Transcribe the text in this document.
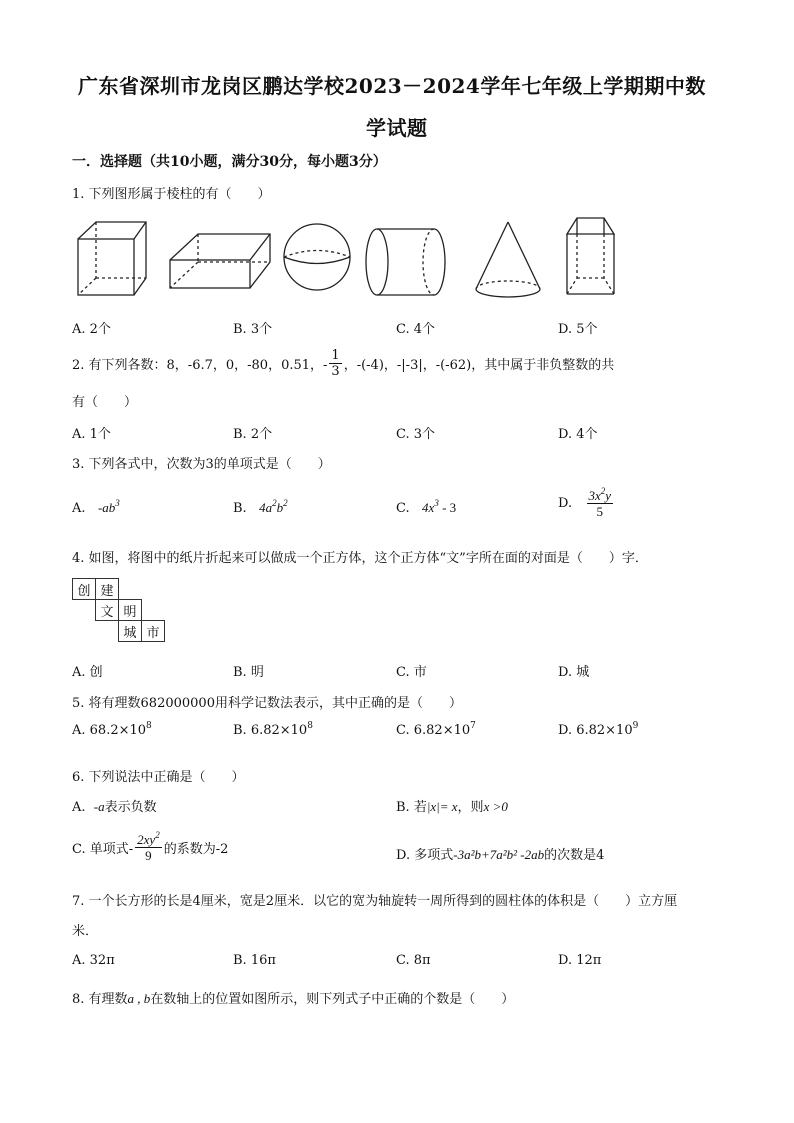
广东省深圳市龙岗区鹏达学校2023－2024学年七年级上学期期中数
学试题
一．选择题（共10小题，满分30分，每小题3分）
1. 下列图形属于棱柱的有（　　）
A. 2个	B. 3个	C. 4个	D. 5个
2. 有下列各数：8，-6.7，0，-80，0.51，- $\frac{1}{3}$ ，-(-4)，-|-3|，-(-62)，其中属于非负整数的共
有（　　）
A. 1个	B. 2个	C. 3个	D. 4个
3. 下列各式中，次数为3的单项式是（　　）
A. $-ab^3$	B. $4a^2b^2$	C. $4x^3 - 3$	D.
$\frac{3x^2y}{5}$
4. 如图，将图中的纸片折起来可以做成一个正方体，这个正方体“文”字所在面的对面是（　　）字．
创	建		
	文	明	
		城	市
A. 创	B. 明	C. 市	D. 城
5. 将有理数682000000用科学记数法表示，其中正确的是（　　）
A. $68.2\times 10^8$	B. $6.82\times 10^8$	C. $6.82\times 10^7$	D. $6.82\times 10^9$
6. 下列说法中正确是（　　）
A. -a表示负数	B. 若|x|= x，则x >0
C. 单项式- $\frac{2xy^2}{9}$ 的系数为-2	D. 多项式-3a²b+7a²b² -2ab的次数是4
7. 一个长方形的长是4厘米，宽是2厘米．以它的宽为轴旋转一周所得到的圆柱体的体积是（　　）立方厘
米．
A. 32π	B. 16π	C. 8π	D. 12π
8. 有理数a , b在数轴上的位置如图所示，则下列式子中正确的个数是（　　）
